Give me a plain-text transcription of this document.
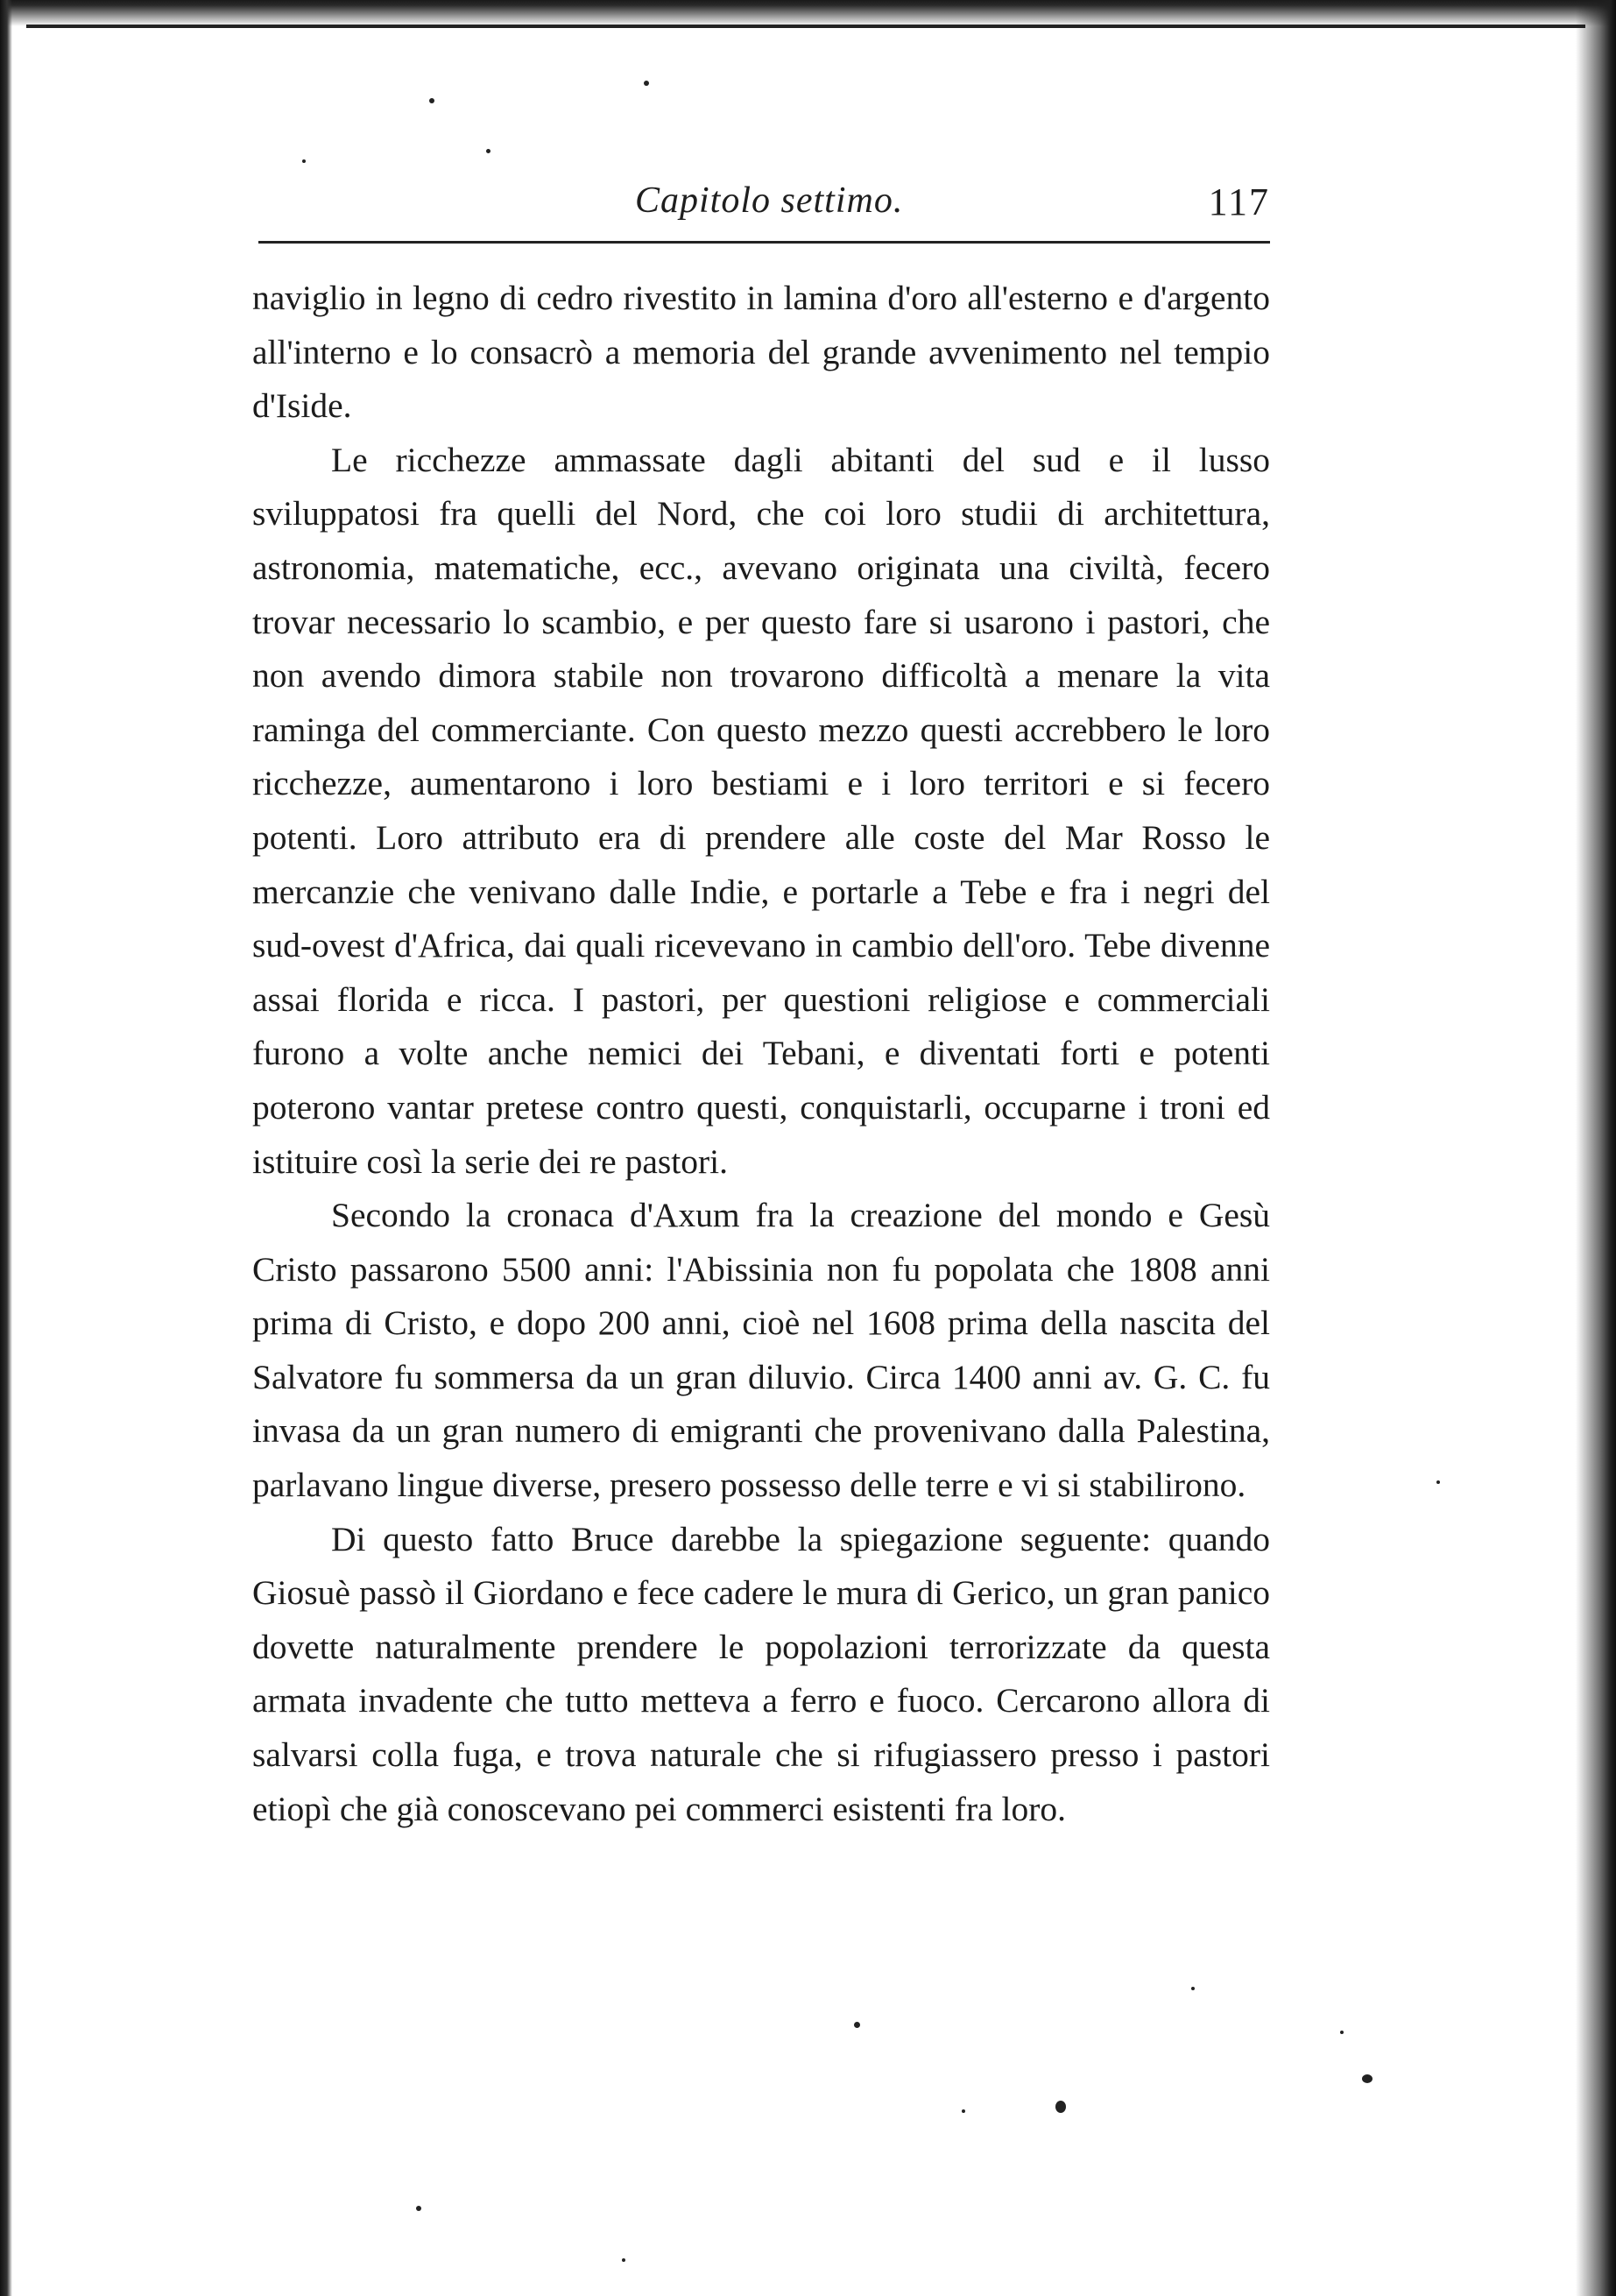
Capitolo settimo.	117

naviglio in legno di cedro rivestito in lamina d'oro all'esterno e d'argento all'interno e lo consacrò a memoria del grande avvenimento nel tempio d'Iside.

Le ricchezze ammassate dagli abitanti del sud e il lusso sviluppatosi fra quelli del Nord, che coi loro studii di architettura, astronomia, matematiche, ecc., avevano originata una civiltà, fecero trovar necessario lo scambio, e per questo fare si usarono i pastori, che non avendo dimora stabile non trovarono difficoltà a menare la vita raminga del commerciante. Con questo mezzo questi accrebbero le loro ricchezze, aumentarono i loro bestiami e i loro territori e si fecero potenti. Loro attributo era di prendere alle coste del Mar Rosso le mercanzie che venivano dalle Indie, e portarle a Tebe e fra i negri del sud-ovest d'Africa, dai quali ricevevano in cambio dell'oro. Tebe divenne assai florida e ricca. I pastori, per questioni religiose e commerciali furono a volte anche nemici dei Tebani, e diventati forti e potenti poterono vantar pretese contro questi, conquistarli, occuparne i troni ed istituire così la serie dei re pastori.

Secondo la cronaca d'Axum fra la creazione del mondo e Gesù Cristo passarono 5500 anni: l'Abissinia non fu popolata che 1808 anni prima di Cristo, e dopo 200 anni, cioè nel 1608 prima della nascita del Salvatore fu sommersa da un gran diluvio. Circa 1400 anni av. G. C. fu invasa da un gran numero di emigranti che provenivano dalla Palestina, parlavano lingue diverse, presero possesso delle terre e vi si stabilirono.

Di questo fatto Bruce darebbe la spiegazione seguente: quando Giosuè passò il Giordano e fece cadere le mura di Gerico, un gran panico dovette naturalmente prendere le popolazioni terrorizzate da questa armata invadente che tutto metteva a ferro e fuoco. Cercarono allora di salvarsi colla fuga, e trova naturale che si rifugiassero presso i pastori etiopì che già conoscevano pei commerci esistenti fra loro.
